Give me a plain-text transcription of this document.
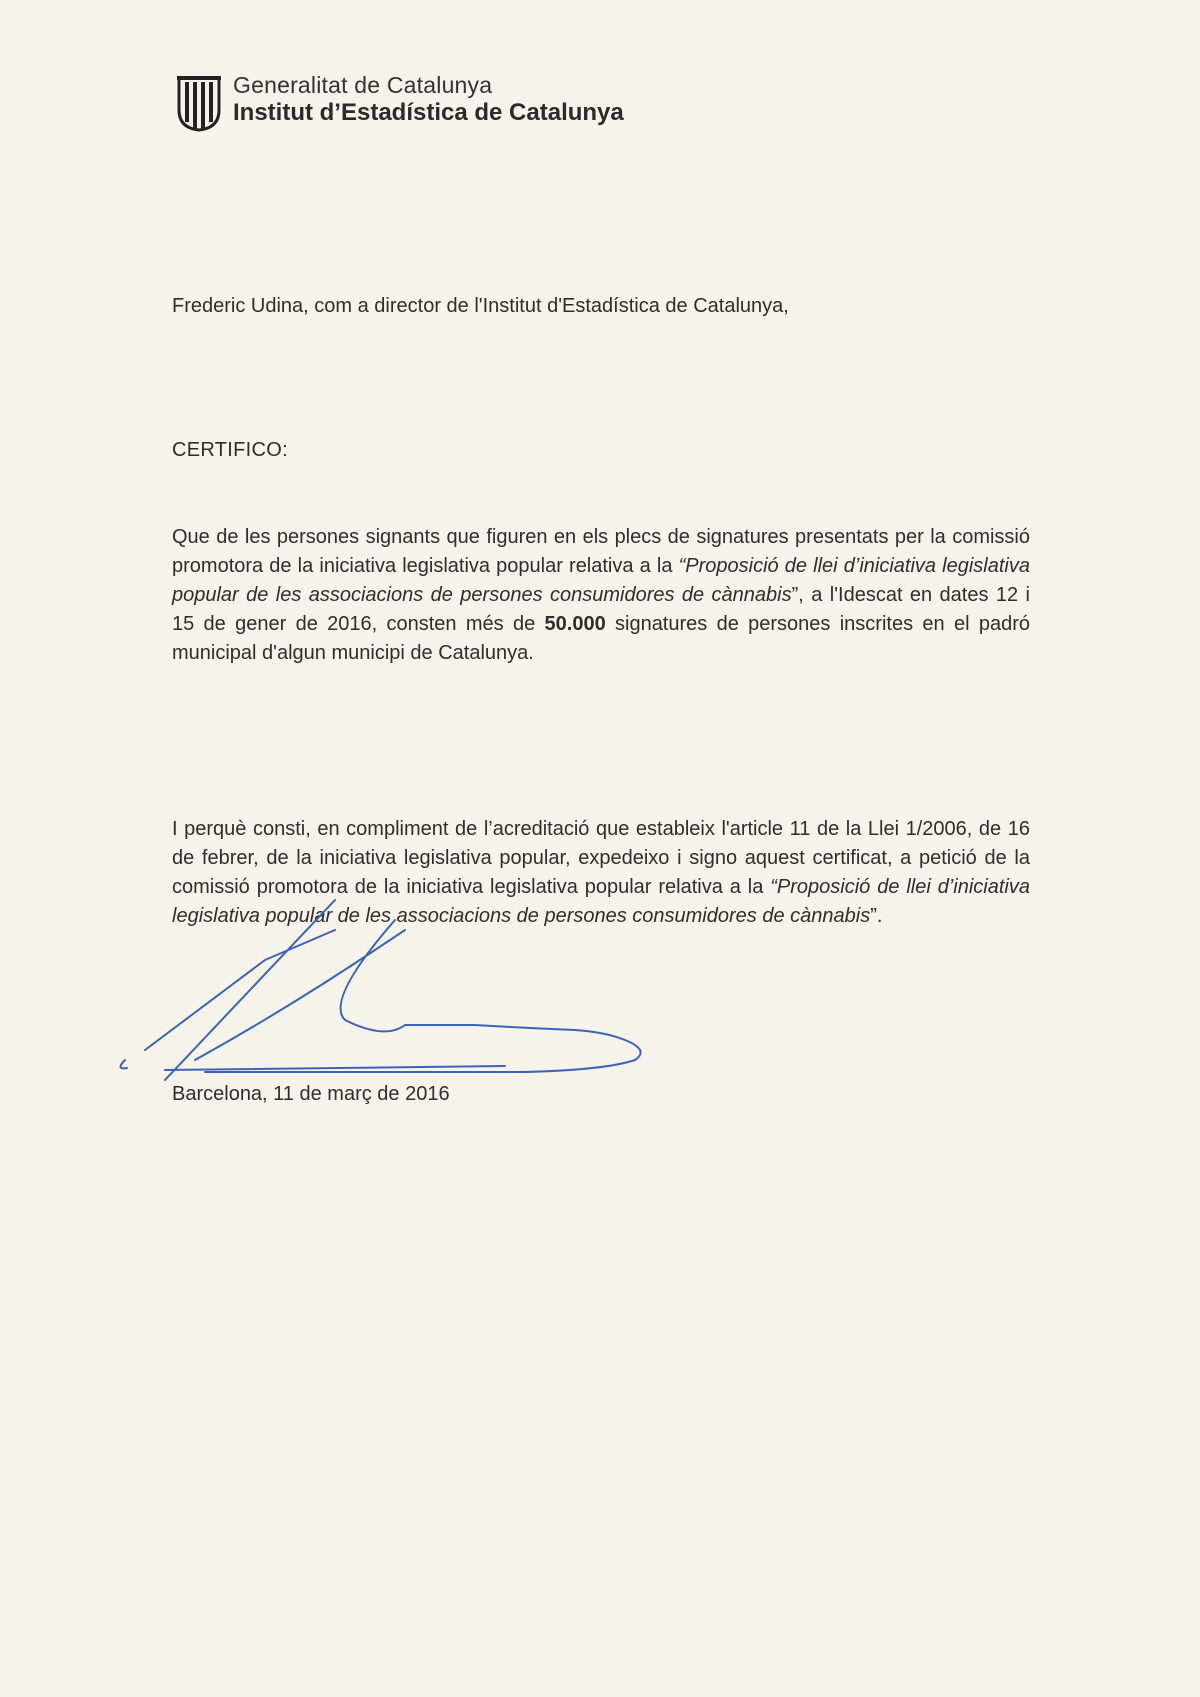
Generalitat de Catalunya
Institut d’Estadística de Catalunya

Frederic Udina, com a director de l'Institut d'Estadística de Catalunya,

CERTIFICO:

Que de les persones signants que figuren en els plecs de signatures presentats per la comissió promotora de la iniciativa legislativa popular relativa a la “Proposició de llei d’iniciativa legislativa popular de les associacions de persones consumidores de cànnabis”, a l'Idescat en dates 12 i 15 de gener de 2016, consten més de 50.000 signatures de persones inscrites en el padró municipal d'algun municipi de Catalunya.

I perquè consti, en compliment de l’acreditació que estableix l'article 11 de la Llei 1/2006, de 16 de febrer, de la iniciativa legislativa popular, expedeixo i signo aquest certificat, a petició de la comissió promotora de la iniciativa legislativa popular relativa a la “Proposició de llei d’iniciativa legislativa popular de les associacions de persones consumidores de cànnabis”.

Barcelona, 11 de març de 2016
